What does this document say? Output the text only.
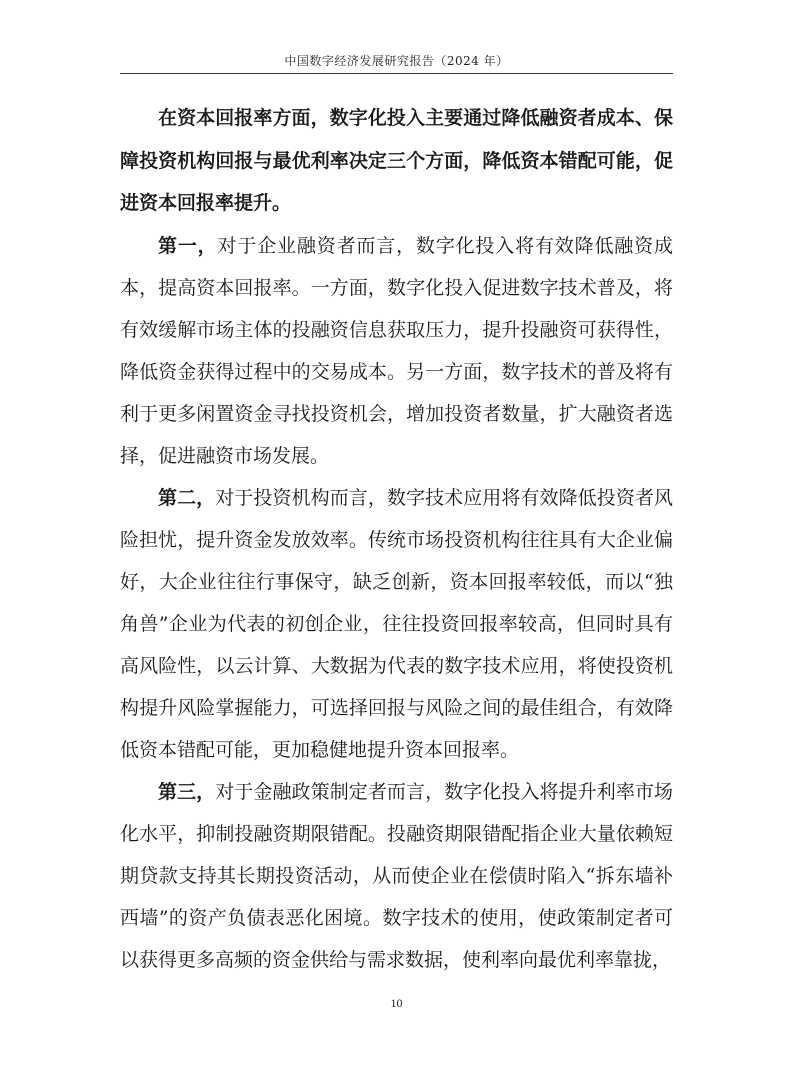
中国数字经济发展研究报告（2024 年）

在资本回报率方面，数字化投入主要通过降低融资者成本、保障投资机构回报与最优利率决定三个方面，降低资本错配可能，促进资本回报率提升。

第一，对于企业融资者而言，数字化投入将有效降低融资成本，提高资本回报率。一方面，数字化投入促进数字技术普及，将有效缓解市场主体的投融资信息获取压力，提升投融资可获得性，降低资金获得过程中的交易成本。另一方面，数字技术的普及将有利于更多闲置资金寻找投资机会，增加投资者数量，扩大融资者选择，促进融资市场发展。

第二，对于投资机构而言，数字技术应用将有效降低投资者风险担忧，提升资金发放效率。传统市场投资机构往往具有大企业偏好，大企业往往行事保守，缺乏创新，资本回报率较低，而以“独角兽”企业为代表的初创企业，往往投资回报率较高，但同时具有高风险性，以云计算、大数据为代表的数字技术应用，将使投资机构提升风险掌握能力，可选择回报与风险之间的最佳组合，有效降低资本错配可能，更加稳健地提升资本回报率。

第三，对于金融政策制定者而言，数字化投入将提升利率市场化水平，抑制投融资期限错配。投融资期限错配指企业大量依赖短期贷款支持其长期投资活动，从而使企业在偿债时陷入“拆东墙补西墙”的资产负债表恶化困境。数字技术的使用，使政策制定者可以获得更多高频的资金供给与需求数据，使利率向最优利率靠拢，

10
